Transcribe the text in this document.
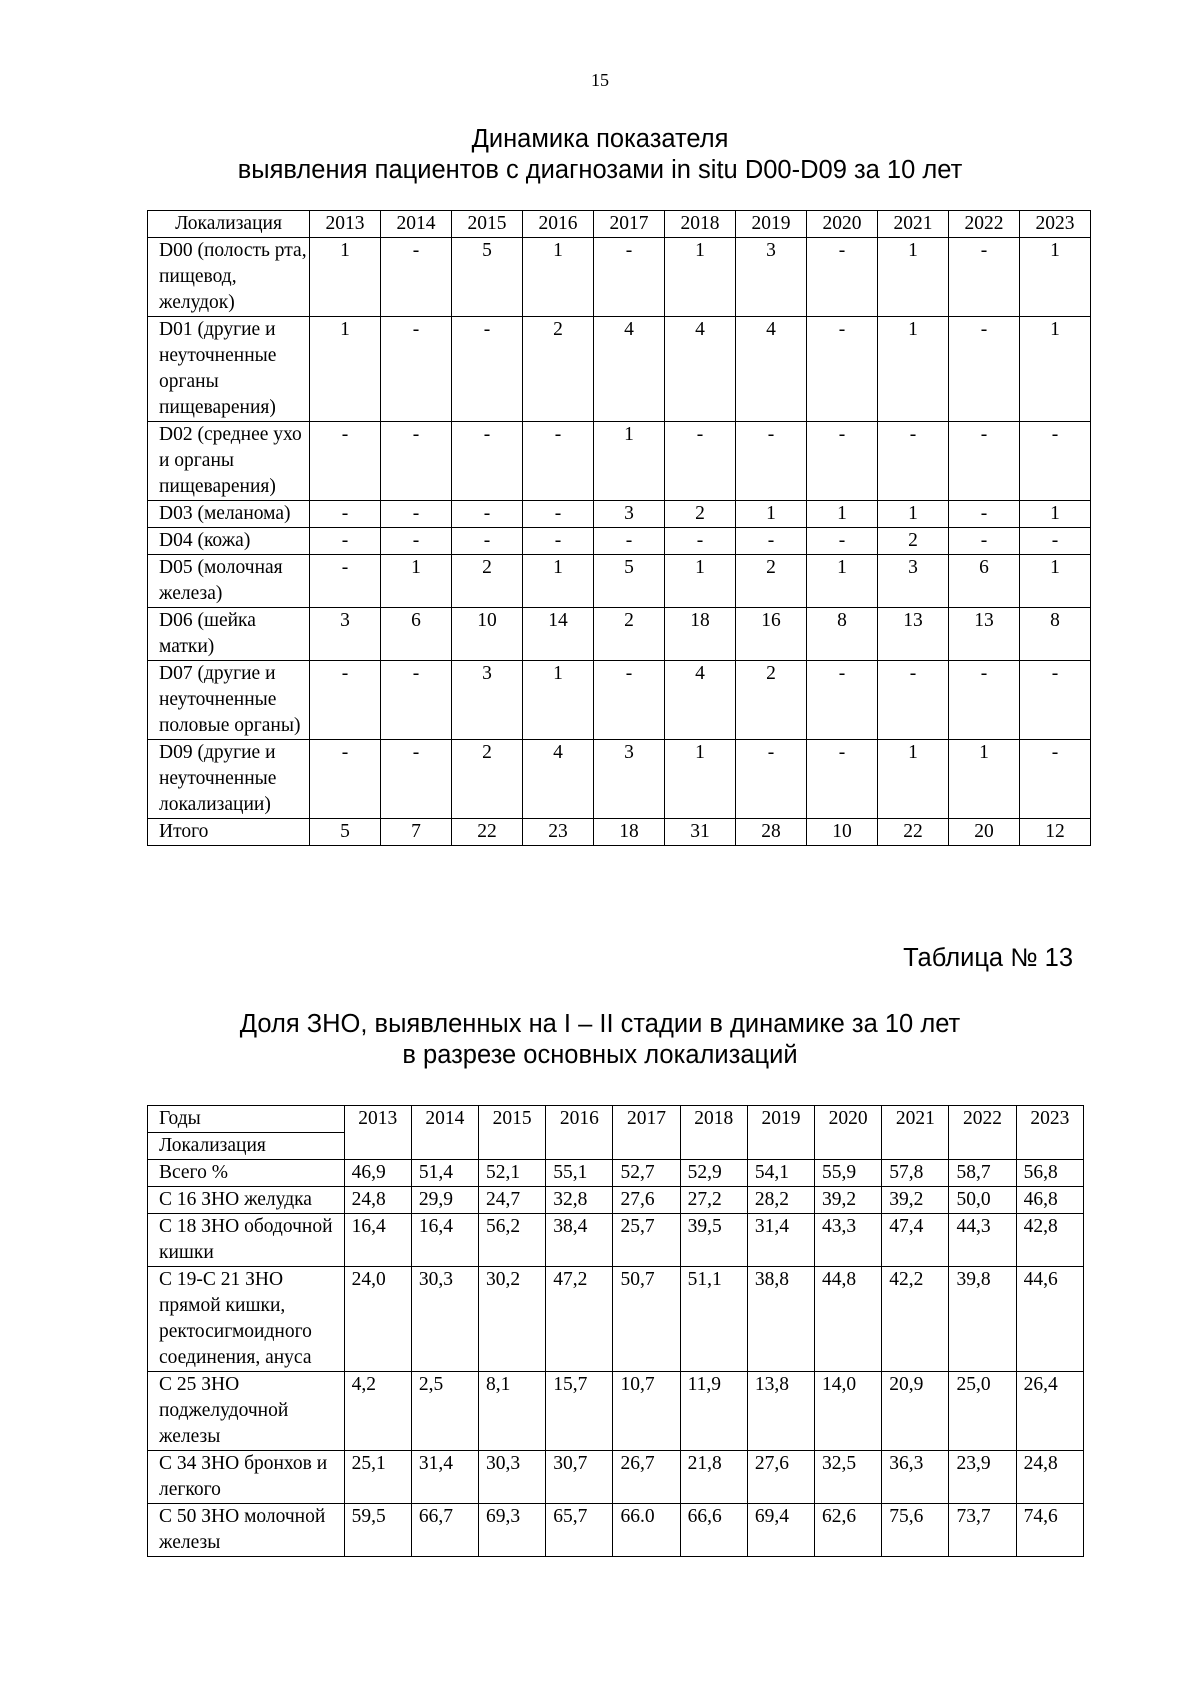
15
Динамика показателя
выявления пациентов с диагнозами in situ D00-D09 за 10 лет
Локализация	2013	2014	2015	2016	2017	2018	2019	2020	2021	2022	2023
D00 (полость рта, пищевод, желудок)	1	-	5	1	-	1	3	-	1	-	1
D01 (другие и неуточненные органы пищеварения)	1	-	-	2	4	4	4	-	1	-	1
D02 (среднее ухо и органы пищеварения)	-	-	-	-	1	-	-	-	-	-	-
D03 (меланома)	-	-	-	-	3	2	1	1	1	-	1
D04 (кожа)	-	-	-	-	-	-	-	-	2	-	-
D05 (молочная железа)	-	1	2	1	5	1	2	1	3	6	1
D06 (шейка матки)	3	6	10	14	2	18	16	8	13	13	8
D07 (другие и неуточненные половые органы)	-	-	3	1	-	4	2	-	-	-	-
D09 (другие и неуточненные локализации)	-	-	2	4	3	1	-	-	1	1	-
Итого	5	7	22	23	18	31	28	10	22	20	12
Таблица № 13
Доля ЗНО, выявленных на I – II стадии в динамике за 10 лет
в разрезе основных локализаций
Годы	2013	2014	2015	2016	2017	2018	2019	2020	2021	2022	2023
Локализация											
Всего %	46,9	51,4	52,1	55,1	52,7	52,9	54,1	55,9	57,8	58,7	56,8
С 16 ЗНО желудка	24,8	29,9	24,7	32,8	27,6	27,2	28,2	39,2	39,2	50,0	46,8
С 18 ЗНО ободочной кишки	16,4	16,4	56,2	38,4	25,7	39,5	31,4	43,3	47,4	44,3	42,8
С 19-С 21 ЗНО прямой кишки, ректосигмоидного соединения, ануса	24,0	30,3	30,2	47,2	50,7	51,1	38,8	44,8	42,2	39,8	44,6
С 25 ЗНО поджелудочной железы	4,2	2,5	8,1	15,7	10,7	11,9	13,8	14,0	20,9	25,0	26,4
С 34 ЗНО бронхов и легкого	25,1	31,4	30,3	30,7	26,7	21,8	27,6	32,5	36,3	23,9	24,8
С 50 ЗНО молочной железы	59,5	66,7	69,3	65,7	66.0	66,6	69,4	62,6	75,6	73,7	74,6
